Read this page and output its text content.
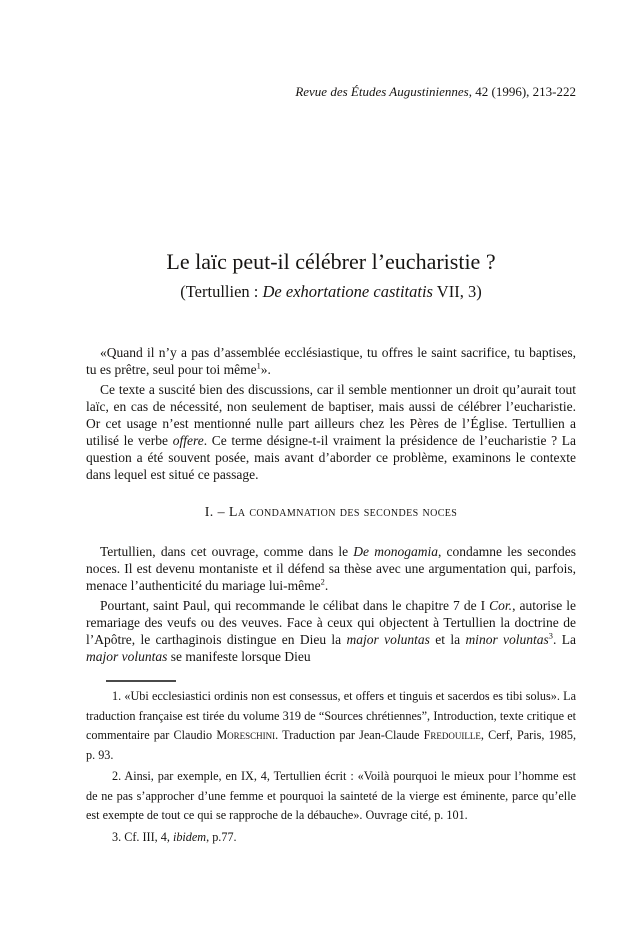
Revue des Études Augustiniennes, 42 (1996), 213-222
Le laïc peut-il célébrer l’eucharistie ?
(Tertullien : De exhortatione castitatis VII, 3)

«Quand il n’y a pas d’assemblée ecclésiastique, tu offres le saint sacrifice, tu baptises, tu es prêtre, seul pour toi même$^1$».

Ce texte a suscité bien des discussions, car il semble mentionner un droit qu’aurait tout laïc, en cas de nécessité, non seulement de baptiser, mais aussi de célébrer l’eucharistie. Or cet usage n’est mentionné nulle part ailleurs chez les Pères de l’Église. Tertullien a utilisé le verbe offere. Ce terme désigne-t-il vraiment la présidence de l’eucharistie ? La question a été souvent posée, mais avant d’aborder ce problème, examinons le contexte dans lequel est situé ce passage.

I. – La condamnation des secondes noces

Tertullien, dans cet ouvrage, comme dans le De monogamia, condamne les secondes noces. Il est devenu montaniste et il défend sa thèse avec une argumentation qui, parfois, menace l’authenticité du mariage lui-même$^2$.

Pourtant, saint Paul, qui recommande le célibat dans le chapitre 7 de I Cor., autorise le remariage des veufs ou des veuves. Face à ceux qui objectent à Tertullien la doctrine de l’Apôtre, le carthaginois distingue en Dieu la major voluntas et la minor voluntas$^3$. La major voluntas se manifeste lorsque Dieu

1. «Ubi ecclesiastici ordinis non est consessus, et offers et tinguis et sacerdos es tibi solus». La traduction française est tirée du volume 319 de “Sources chrétiennes”, Introduction, texte critique et commentaire par Claudio Moreschini. Traduction par Jean-Claude Fredouille, Cerf, Paris, 1985, p. 93.

2. Ainsi, par exemple, en IX, 4, Tertullien écrit : «Voilà pourquoi le mieux pour l’homme est de ne pas s’approcher d’une femme et pourquoi la sainteté de la vierge est éminente, parce qu’elle est exempte de tout ce qui se rapproche de la débauche». Ouvrage cité, p. 101.

3. Cf. III, 4, ibidem, p.77.
